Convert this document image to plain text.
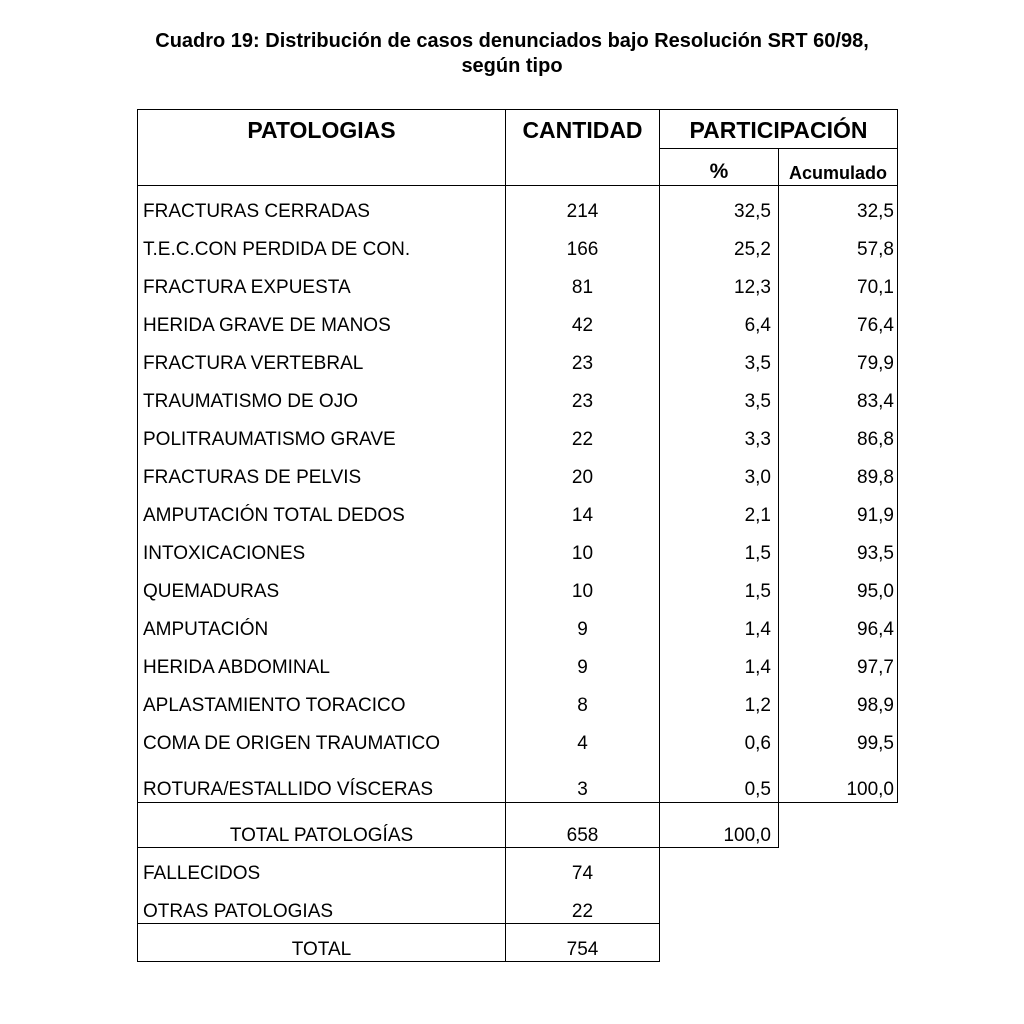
Cuadro 19: Distribución de casos denunciados bajo Resolución SRT 60/98,
según tipo
PATOLOGIAS	CANTIDAD	PARTICIPACIÓN
%	Acumulado
FRACTURAS CERRADAS	214	32,5	32,5
T.E.C.CON PERDIDA DE CON.	166	25,2	57,8
FRACTURA EXPUESTA	81	12,3	70,1
HERIDA GRAVE DE MANOS	42	6,4	76,4
FRACTURA VERTEBRAL	23	3,5	79,9
TRAUMATISMO DE OJO	23	3,5	83,4
POLITRAUMATISMO GRAVE	22	3,3	86,8
FRACTURAS DE PELVIS	20	3,0	89,8
AMPUTACIÓN TOTAL DEDOS	14	2,1	91,9
INTOXICACIONES	10	1,5	93,5
QUEMADURAS	10	1,5	95,0
AMPUTACIÓN	9	1,4	96,4
HERIDA ABDOMINAL	9	1,4	97,7
APLASTAMIENTO TORACICO	8	1,2	98,9
COMA DE ORIGEN TRAUMATICO	4	0,6	99,5
ROTURA/ESTALLIDO VÍSCERAS	3	0,5	100,0
TOTAL PATOLOGÍAS	658	100,0
FALLECIDOS	74
OTRAS PATOLOGIAS	22
TOTAL	754
